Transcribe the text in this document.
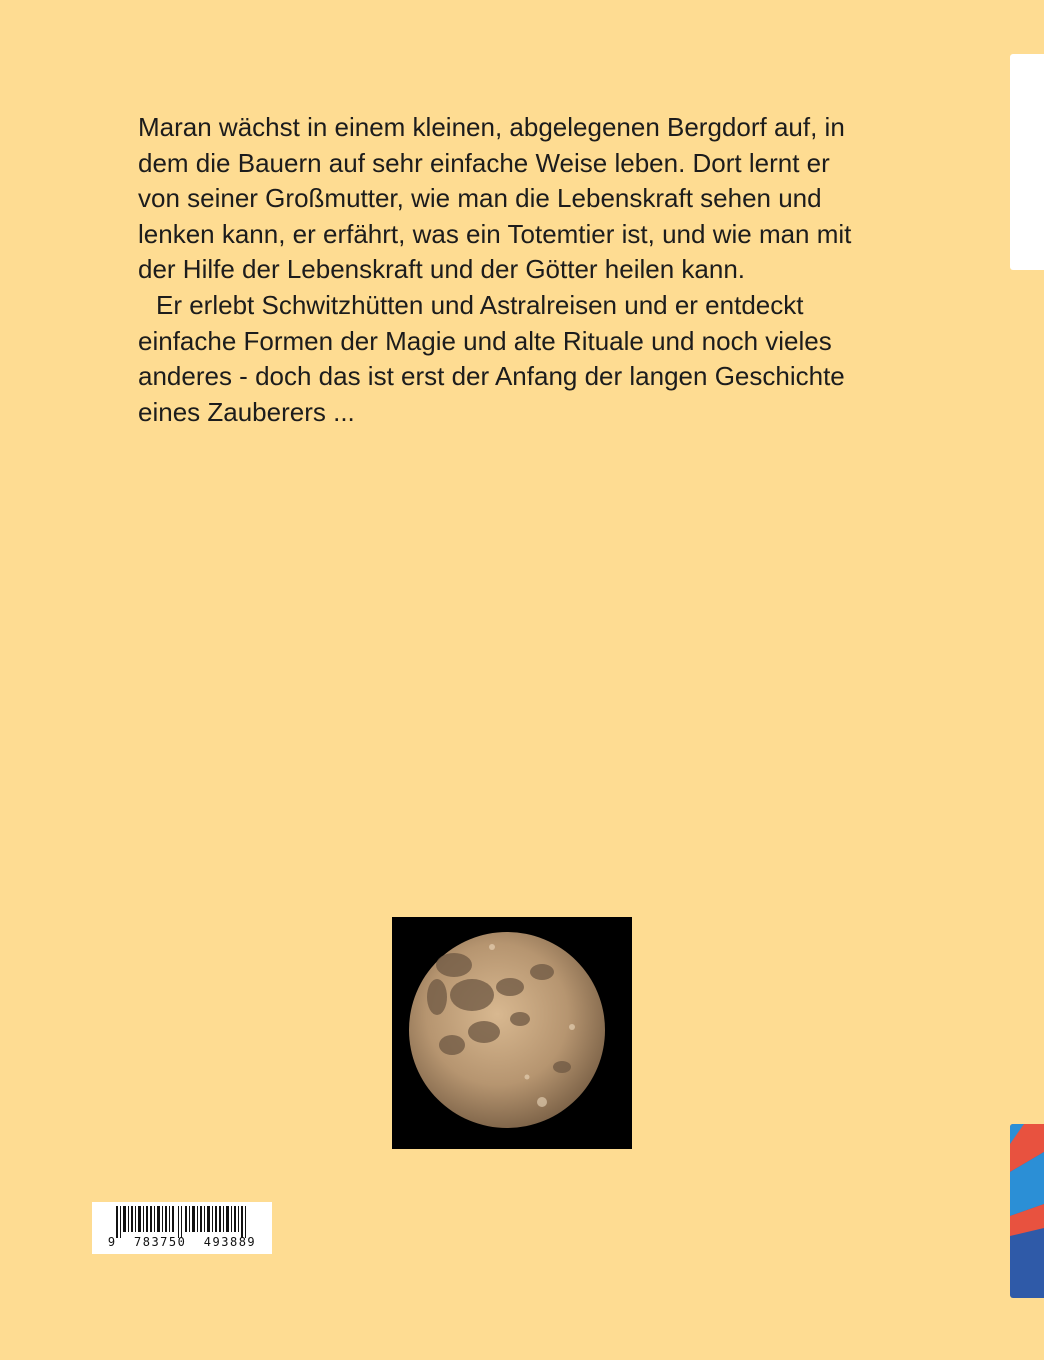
Maran wächst in einem kleinen, abgelegenen Bergdorf auf, in dem die Bauern auf sehr einfache Weise leben. Dort lernt er von seiner Großmutter, wie man die Lebenskraft sehen und lenken kann, er erfährt, was ein Totemtier ist, und wie man mit der Hilfe der Lebenskraft und der Götter heilen kann.

Er erlebt Schwitzhütten und Astralreisen und er entdeckt einfache Formen der Magie und alte Rituale und noch vieles anderes - doch das ist erst der Anfang der langen Geschichte eines Zauberers ...

9  783750  493889
